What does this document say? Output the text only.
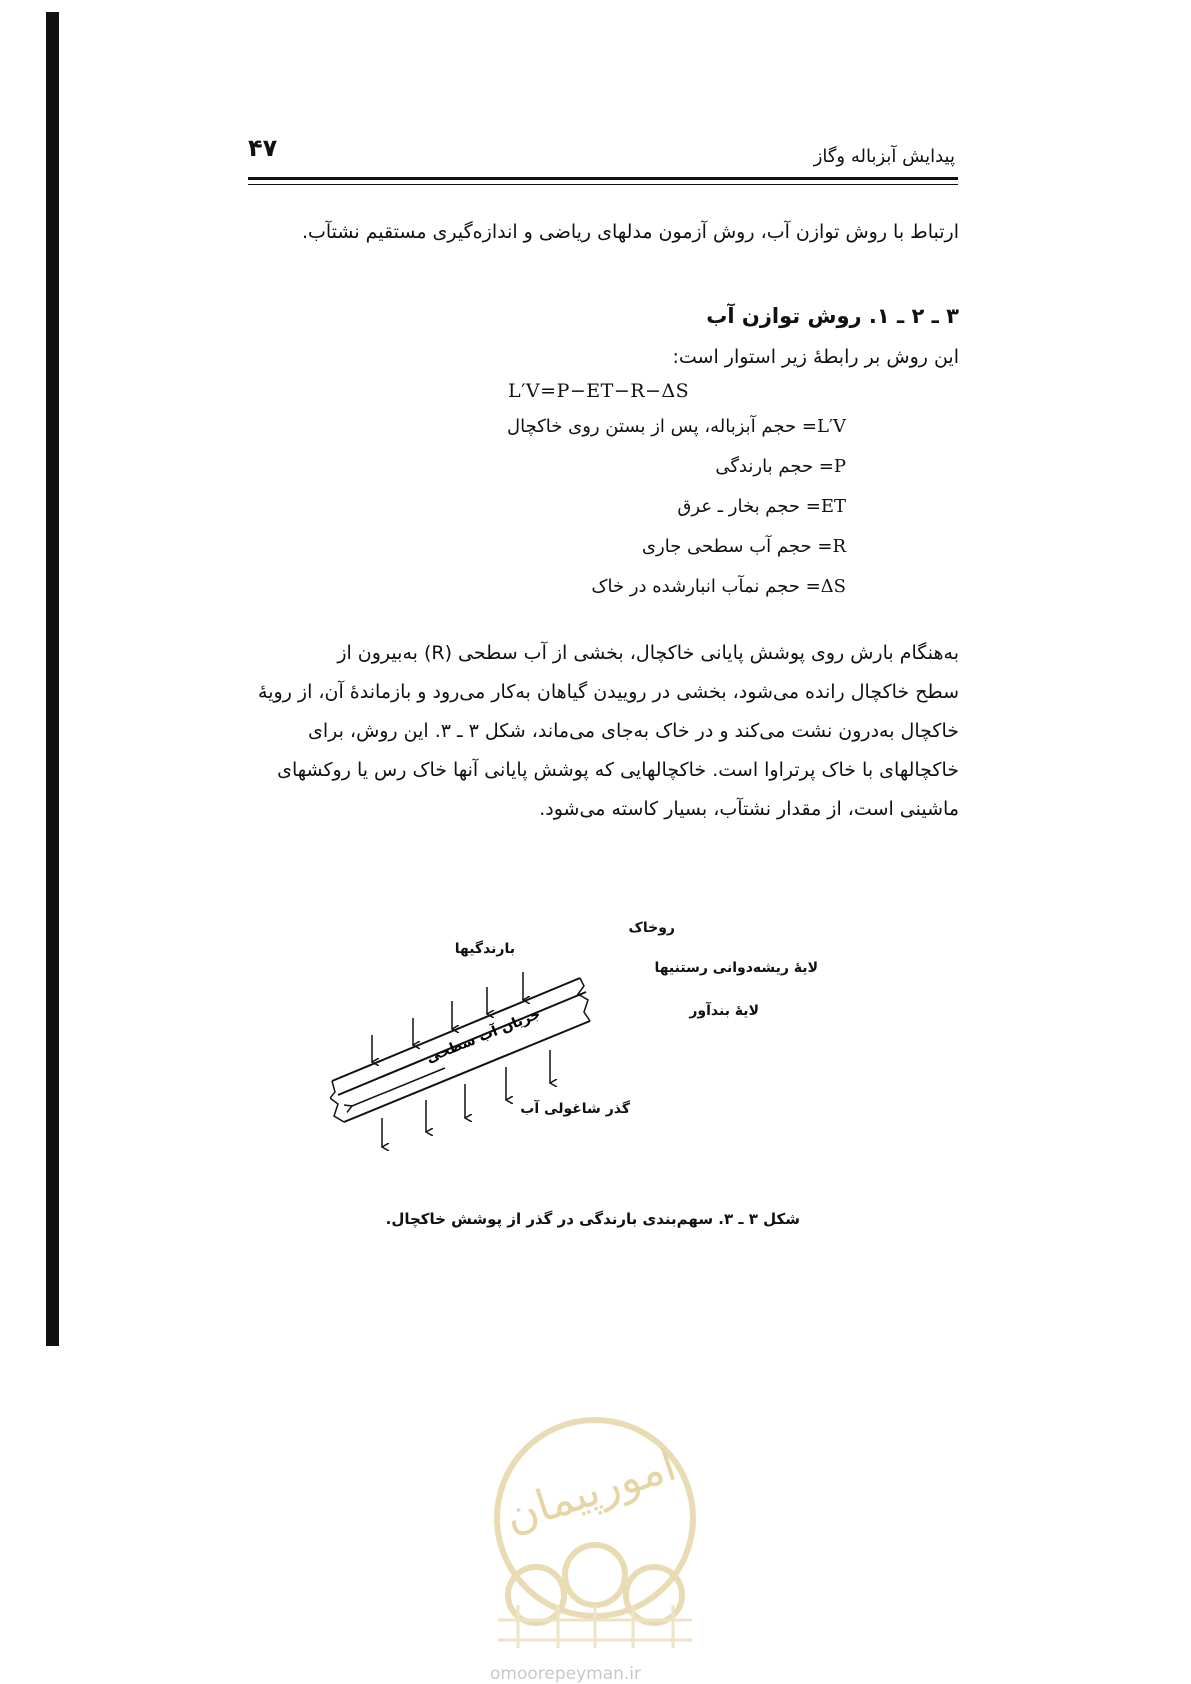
۴۷	پیدایش آبزباله وگاز
ارتباط با روش توازن آب، روش آزمون مدلهای ریاضی و اندازه‌گیری مستقیم نشتآب.
۳ ـ ۲ ـ ۱. روش توازن آب
این روش بر رابطهٔ زیر استوار است:
L′V=P−ET−R−ΔS
L′V= حجم آبزباله، پس از بستن روی خاکچال
P= حجم بارندگی
ET= حجم بخار ـ عرق
R= حجم آب سطحی جاری
ΔS= حجم نمآب انبارشده در خاک

به‌هنگام بارش روی پوشش پایانی خاکچال، بخشی از آب سطحی (R) به‌بیرون از

سطح خاکچال رانده می‌شود، بخشی در روییدن گیاهان به‌کار می‌رود و بازماندهٔ آن، از رویهٔ

خاکچال به‌درون نشت می‌کند و در خاک به‌جای می‌ماند، شکل ۳ ـ ۳. این روش، برای

خاکچالهای با خاک پرتراوا است. خاکچالهایی که پوشش پایانی آنها خاک رس یا روکشهای

ماشینی است، از مقدار نشتآب، بسیار کاسته می‌شود.

جریان آب سطحی
روخاک
بارندگیها
لایهٔ ریشه‌دوانی رستنیها
لایهٔ بندآور
گذر شاغولی آب
شکل ۳ ـ ۳. سهم‌بندی بارندگی در گذر از پوشش خاکچال.
امورپیمان
omoorepeyman.ir
